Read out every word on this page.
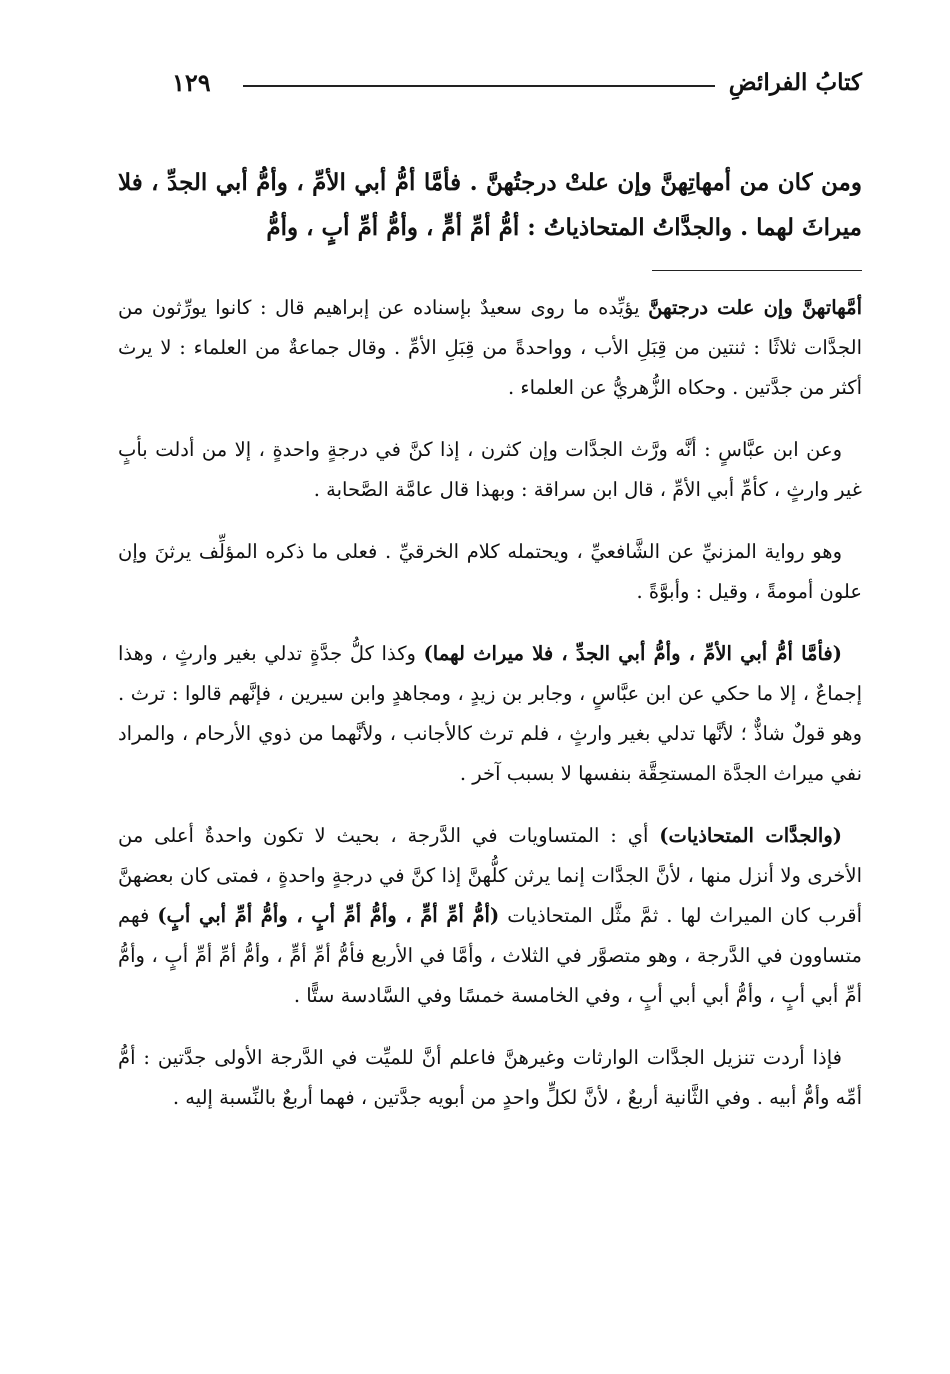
كتابُ الفرائضِ
١٢٩
ومن كان من أمهاتِهنَّ وإن علتْ درجتُهنَّ . فأمَّا أمُّ أبي الأمِّ ، وأمُّ أبي الجدِّ ، فلا ميراثَ لهما . والجدَّاتُ المتحاذياتُ : أمُّ أمِّ أمٍّ ، وأمُّ أمِّ أبٍ ، وأمُّ

أمَّهاتهنَّ وإن علت درجتهنَّ يؤيِّده ما روى سعيدٌ بإسناده عن إبراهيم قال : كانوا يورِّثون من الجدَّات ثلاثًا : ثنتين من قِبَلِ الأب ، وواحدةً من قِبَلِ الأمِّ . وقال جماعةٌ من العلماء : لا يرث أكثر من جدَّتين . وحكاه الزُّهريُّ عن العلماء .

وعن ابن عبَّاسٍ : أنَّه ورَّث الجدَّات وإن كثرن ، إذا كنَّ في درجةٍ واحدةٍ ، إلا من أدلت بأبٍ غير وارثٍ ، كأمِّ أبي الأمِّ ، قال ابن سراقة : وبهذا قال عامَّة الصَّحابة .

وهو رواية المزنيِّ عن الشَّافعيِّ ، ويحتمله كلام الخرقيِّ . فعلى ما ذكره المؤلِّف يرثنَ وإن علون أمومةً ، وقيل : وأبوَّةً .

(فأمَّا أمُّ أبي الأمِّ ، وأمُّ أبي الجدِّ ، فلا ميراث لهما) وكذا كلُّ جدَّةٍ تدلي بغير وارثٍ ، وهذا إجماعٌ ، إلا ما حكي عن ابن عبَّاسٍ ، وجابر بن زيدٍ ، ومجاهدٍ وابن سيرين ، فإنَّهم قالوا : ترث . وهو قولٌ شاذٌّ ؛ لأنَّها تدلي بغير وارثٍ ، فلم ترث كالأجانب ، ولأنَّهما من ذوي الأرحام ، والمراد نفي ميراث الجدَّة المستحِقَّة بنفسها لا بسبب آخر .

(والجدَّات المتحاذيات) أي : المتساويات في الدَّرجة ، بحيث لا تكون واحدةٌ أعلى من الأخرى ولا أنزل منها ، لأنَّ الجدَّات إنما يرثن كلُّهنَّ إذا كنَّ في درجةٍ واحدةٍ ، فمتى كان بعضهنَّ أقرب كان الميراث لها . ثمَّ مثَّل المتحاذيات (أمُّ أمِّ أمٍّ ، وأمُّ أمِّ أبٍ ، وأمُّ أمِّ أبي أبٍ) فهم متساوون في الدَّرجة ، وهو متصوَّر في الثلاث ، وأمَّا في الأربع فأمُّ أمِّ أمٍّ ، وأمُّ أمِّ أمِّ أبٍ ، وأمُّ أمِّ أبي أبٍ ، وأمُّ أبي أبي أبٍ ، وفي الخامسة خمسًا وفي السَّادسة ستًّا .

فإذا أردت تنزيل الجدَّات الوارثات وغيرهنَّ فاعلم أنَّ للميِّت في الدَّرجة الأولى جدَّتين : أمُّ أمِّه وأمُّ أبيه . وفي الثَّانية أربعٌ ، لأنَّ لكلٍّ واحدٍ من أبويه جدَّتين ، فهما أربعٌ بالنِّسبة إليه .
